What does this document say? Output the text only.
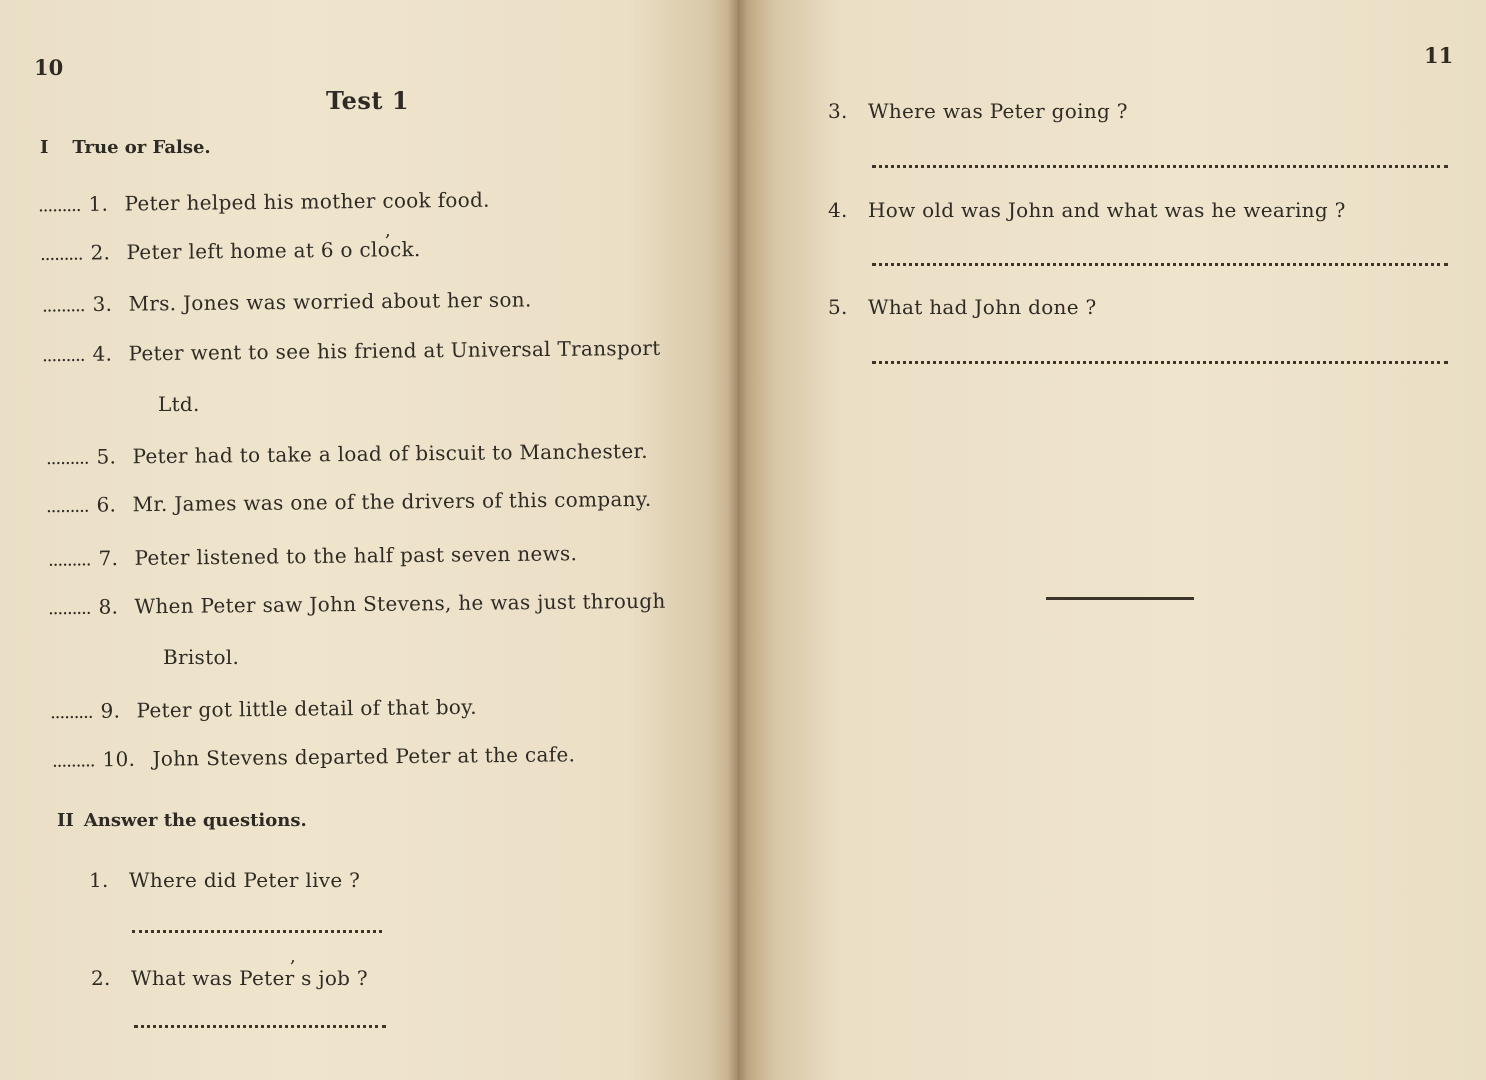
10
Test 1
I True or False.
......... 1. Peter helped his mother cook food.
,
......... 2. Peter left home at 6 o clock.
......... 3. Mrs. Jones was worried about her son.
......... 4. Peter went to see his friend at Universal Transport
Ltd.
......... 5. Peter had to take a load of biscuit to Manchester.
......... 6. Mr. James was one of the drivers of this company.
......... 7. Peter listened to the half past seven news.
......... 8. When Peter saw John Stevens, he was just through
Bristol.
......... 9. Peter got little detail of that boy.
......... 10. John Stevens departed Peter at the cafe.
II Answer the questions.
1. Where did Peter live ?
,
2. What was Peter s job ?
11
3. Where was Peter going ?
4. How old was John and what was he wearing ?
5. What had John done ?
